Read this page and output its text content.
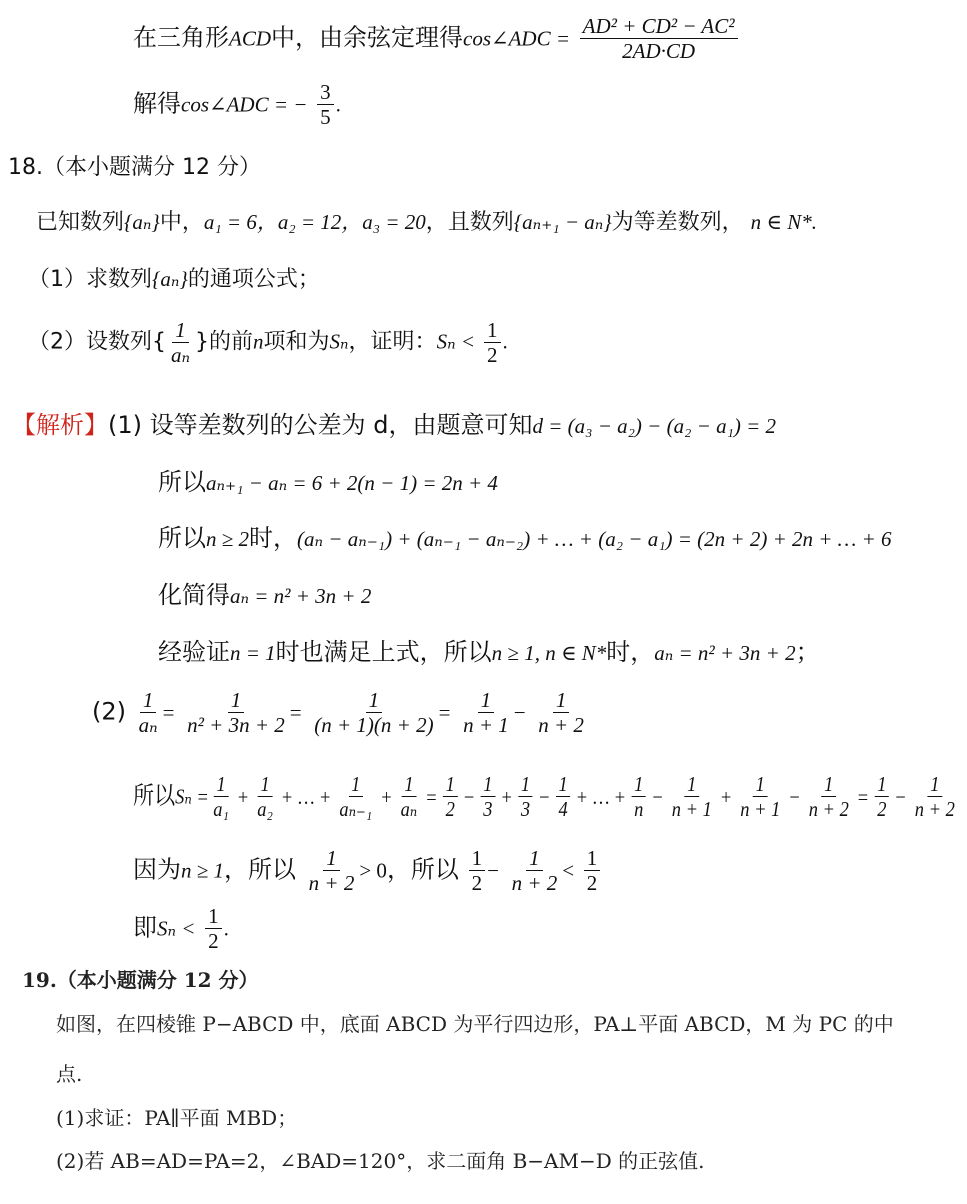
在三角形ACD中，由余弦定理得cos∠ADC = $\frac{\text{AD² + CD² − AC²}}{2AD\cdot CD}$
解得cos∠ADC = − $\frac{3}{5}$ .
18.（本小题满分 12 分）
已知数列{aₙ}中，a₁ = 6，a₂ = 12，a₃ = 20，且数列{aₙ₊₁ − aₙ}为等差数列， n ∈ N*.
（1）求数列{aₙ}的通项公式；
（2）设数列{ $\frac{1}{\text{aₙ}}$ }的前n项和为Sₙ，证明：$S_n < \frac{1}{2}$ .
【解析】(1) 设等差数列的公差为 d，由题意可知d = (a₃ − a₂) − (a₂ − a₁) = 2
所以aₙ₊₁ − aₙ = 6 + 2(n − 1) = 2n + 4
所以n ≥ 2时，(aₙ − aₙ₋₁) + (aₙ₋₁ − aₙ₋₂) + … + (a₂ − a₁) = (2n + 2) + 2n + … + 6
化简得aₙ = n² + 3n + 2
经验证n = 1时也满足上式，所以n ≥ 1, n ∈ N*时，aₙ = n² + 3n + 2；
$(2) \frac{1}{\text{aₙ}} = \frac{1}{\text{n² + 3n + 2}} = \frac{1}{(n + 1)(n + 2)} = \frac{1}{n + 1} - \frac{1}{n + 2}$
所以$S_n = \frac{1}{\text{a₁}} + \frac{1}{\text{a₂}}$ + … + $\frac{1}{\text{aₙ₋₁}} + \frac{1}{\text{aₙ}} = \frac{1}{2} - \frac{1}{3} + \frac{1}{3} - \frac{1}{4}$ + … + $\frac{1}{n} - \frac{1}{n + 1} + \frac{1}{n + 1} - \frac{1}{n + 2} = \frac{1}{2} - \frac{1}{n + 2}$
因为n ≥ 1，所以 $\frac{1}{n + 2} > 0$，所以 $\frac{1}{2} - \frac{1}{n + 2} < \frac{1}{2}$
即$S_n < \frac{1}{2}$ .
19.（本小题满分 12 分）
如图，在四棱锥 P−ABCD 中，底面 ABCD 为平行四边形，PA⊥平面 ABCD，M 为 PC 的中
点.
(1)求证：PA∥平面 MBD；
(2)若 AB=AD=PA=2，∠BAD=120°，求二面角 B−AM−D 的正弦值.
